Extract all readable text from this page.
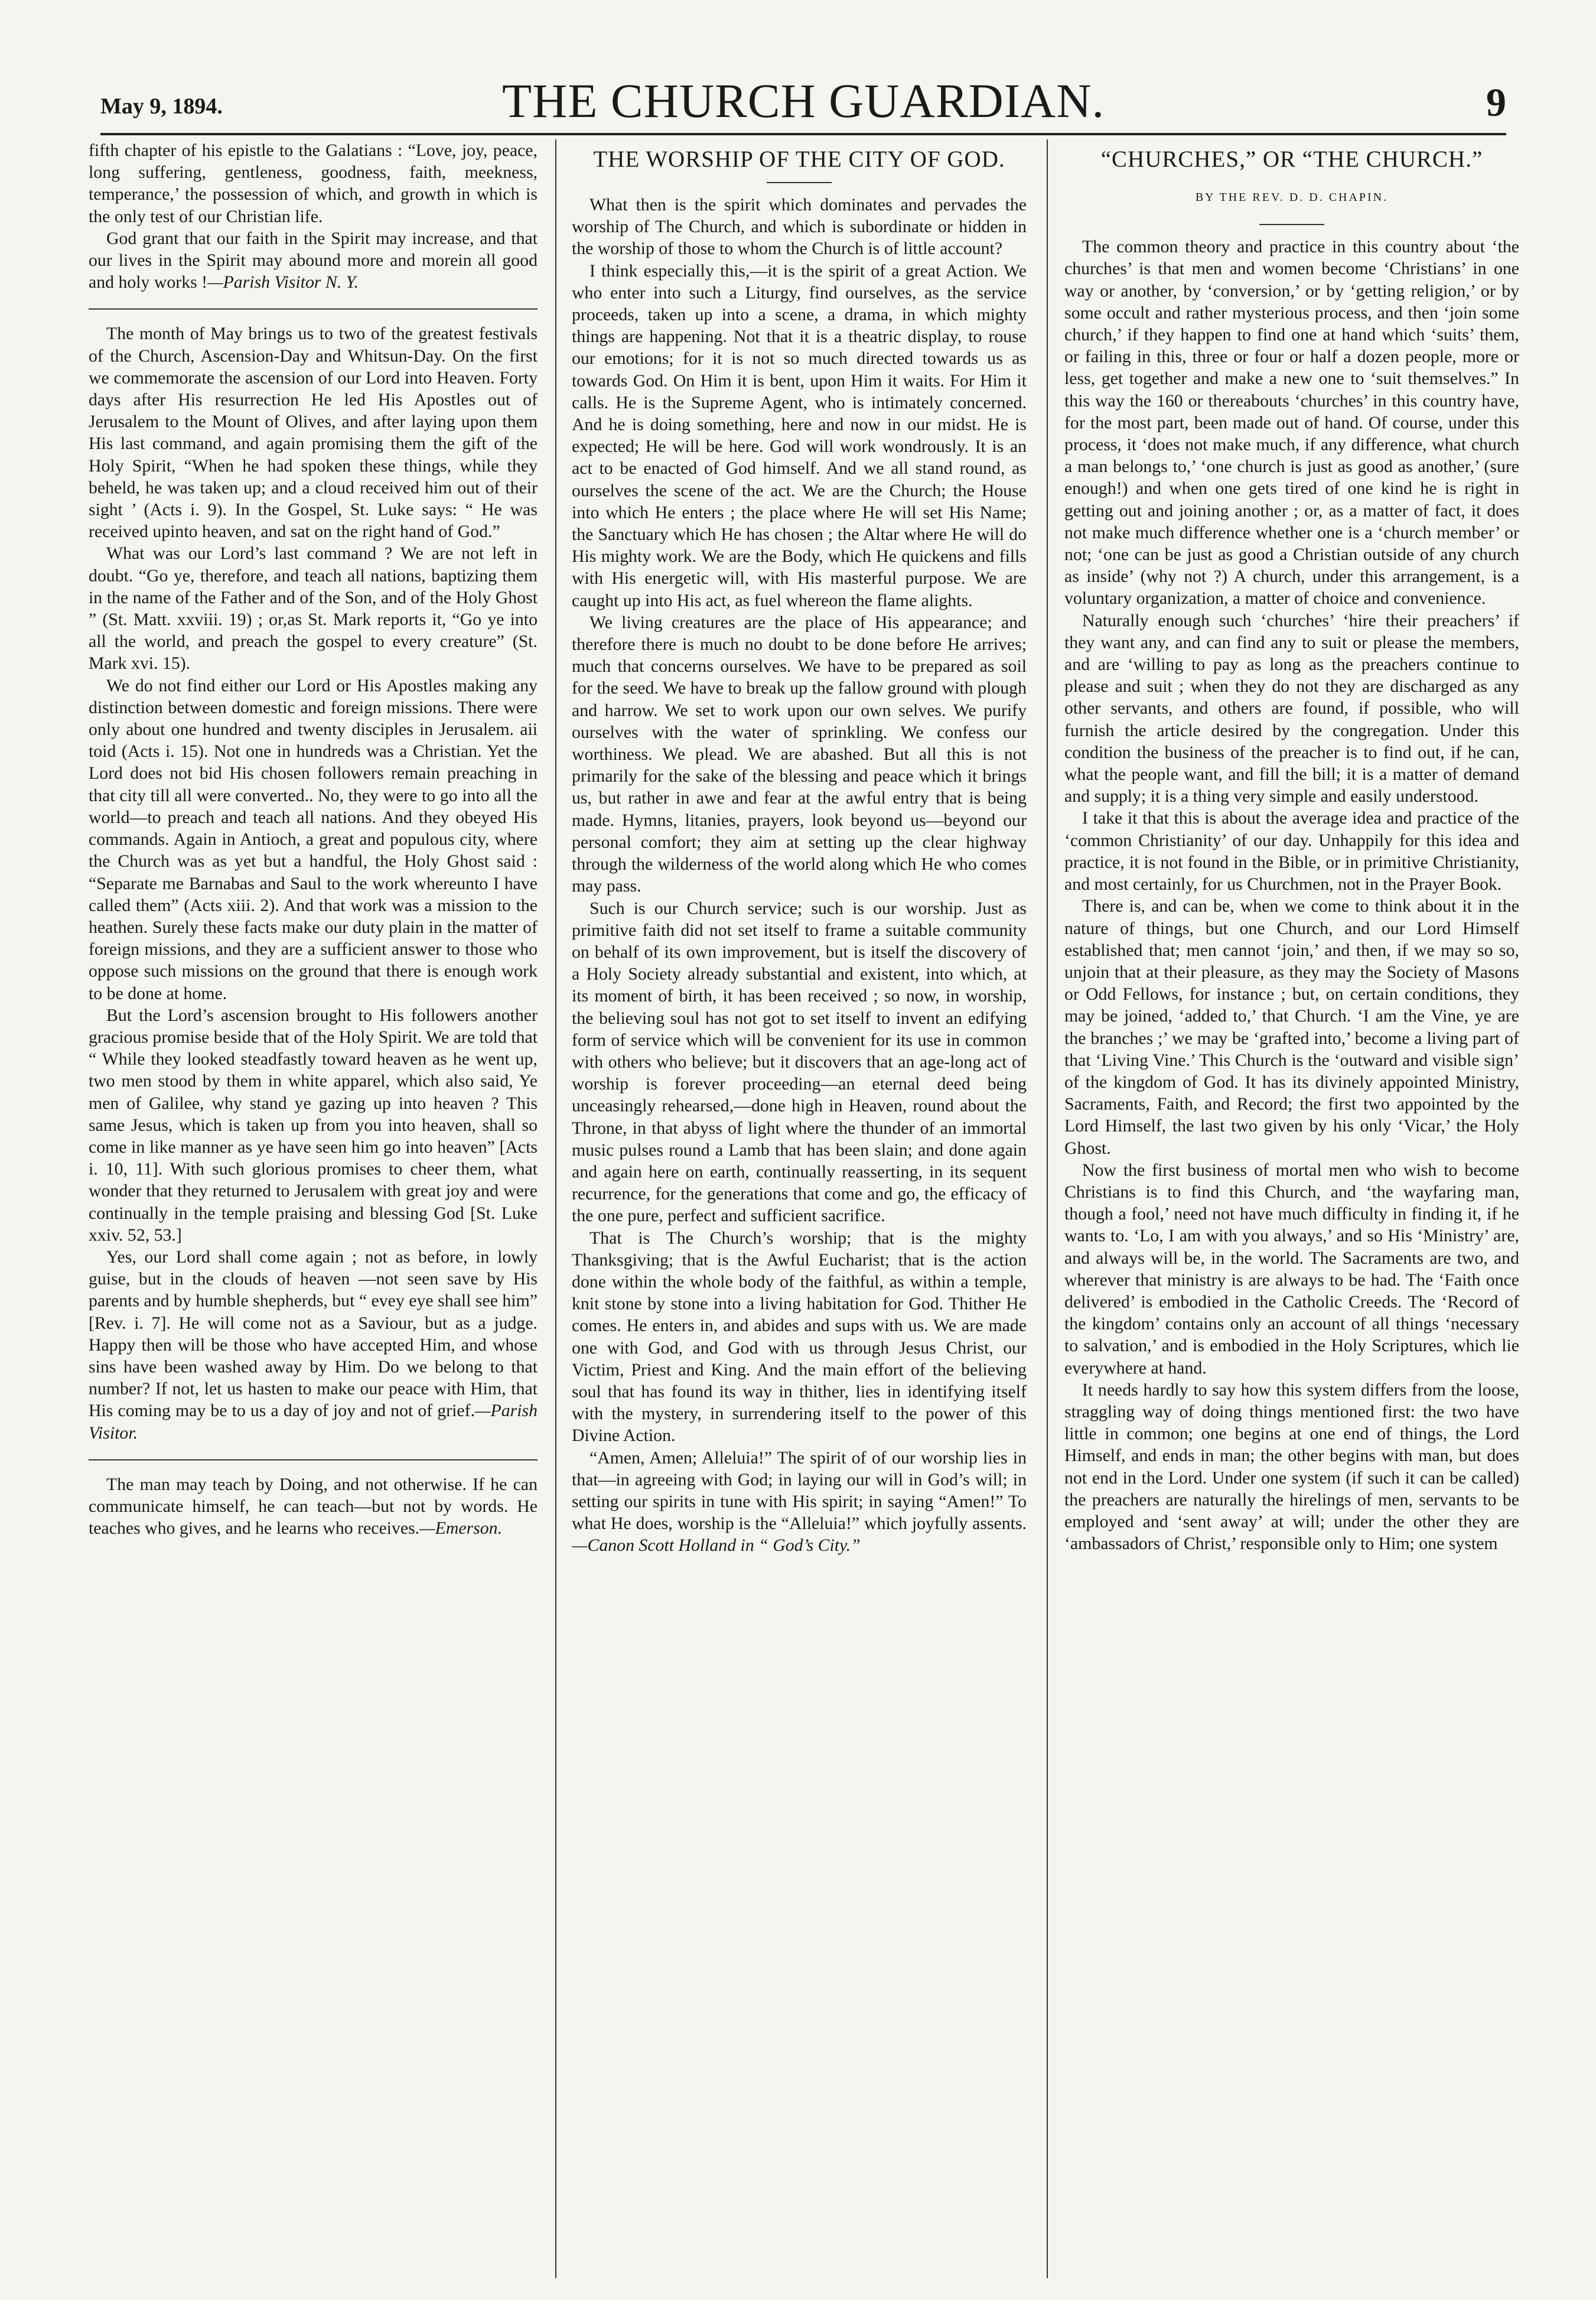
May 9, 1894.	THE CHURCH GUARDIAN.	9

fifth chapter of his epistle to the Galatians : “Love, joy, peace, long suffering, gentleness, goodness, faith, meekness, temperance,’ the possession of which, and growth in which is the only test of our Christian life.

God grant that our faith in the Spirit may increase, and that our lives in the Spirit may abound more and morein all good and holy works !—Parish Visitor N. Y.

The month of May brings us to two of the greatest festivals of the Church, Ascension-Day and Whitsun-Day. On the first we commemorate the ascension of our Lord into Heaven. Forty days after His resurrection He led His Apostles out of Jerusalem to the Mount of Olives, and after laying upon them His last command, and again promising them the gift of the Holy Spirit, “When he had spoken these things, while they beheld, he was taken up; and a cloud received him out of their sight ’ (Acts i. 9). In the Gospel, St. Luke says: “ He was received upinto heaven, and sat on the right hand of God.”

What was our Lord’s last command ? We are not left in doubt. “Go ye, therefore, and teach all nations, baptizing them in the name of the Father and of the Son, and of the Holy Ghost ” (St. Matt. xxviii. 19) ; or,as St. Mark reports it, “Go ye into all the world, and preach the gospel to every creature” (St. Mark xvi. 15).

We do not find either our Lord or His Apostles making any distinction between domestic and foreign missions. There were only about one hundred and twenty disciples in Jerusalem. aii toid (Acts i. 15). Not one in hundreds was a Christian. Yet the Lord does not bid His chosen followers remain preaching in that city till all were converted.. No, they were to go into all the world—to preach and teach all nations. And they obeyed His commands. Again in Antioch, a great and populous city, where the Church was as yet but a handful, the Holy Ghost said : “Separate me Barnabas and Saul to the work whereunto I have called them” (Acts xiii. 2). And that work was a mission to the heathen. Surely these facts make our duty plain in the matter of foreign missions, and they are a sufficient answer to those who oppose such missions on the ground that there is enough work to be done at home.

But the Lord’s ascension brought to His followers another gracious promise beside that of the Holy Spirit. We are told that “ While they looked steadfastly toward heaven as he went up, two men stood by them in white apparel, which also said, Ye men of Galilee, why stand ye gazing up into heaven ? This same Jesus, which is taken up from you into heaven, shall so come in like manner as ye have seen him go into heaven” [Acts i. 10, 11]. With such glorious promises to cheer them, what wonder that they returned to Jerusalem with great joy and were continually in the temple praising and blessing God [St. Luke xxiv. 52, 53.]

Yes, our Lord shall come again ; not as before, in lowly guise, but in the clouds of heaven —not seen save by His parents and by humble shepherds, but “ evey eye shall see him” [Rev. i. 7]. He will come not as a Saviour, but as a judge. Happy then will be those who have accepted Him, and whose sins have been washed away by Him. Do we belong to that number? If not, let us hasten to make our peace with Him, that His coming may be to us a day of joy and not of grief.—Parish Visitor.

The man may teach by Doing, and not otherwise. If he can communicate himself, he can teach—but not by words. He teaches who gives, and he learns who receives.—Emerson.

THE WORSHIP OF THE CITY OF GOD.

What then is the spirit which dominates and pervades the worship of The Church, and which is subordinate or hidden in the worship of those to whom the Church is of little account?

I think especially this,—it is the spirit of a great Action. We who enter into such a Liturgy, find ourselves, as the service proceeds, taken up into a scene, a drama, in which mighty things are happening. Not that it is a theatric display, to rouse our emotions; for it is not so much directed towards us as towards God. On Him it is bent, upon Him it waits. For Him it calls. He is the Supreme Agent, who is intimately concerned. And he is doing something, here and now in our midst. He is expected; He will be here. God will work wondrously. It is an act to be enacted of God himself. And we all stand round, as ourselves the scene of the act. We are the Church; the House into which He enters ; the place where He will set His Name; the Sanctuary which He has chosen ; the Altar where He will do His mighty work. We are the Body, which He quickens and fills with His energetic will, with His masterful purpose. We are caught up into His act, as fuel whereon the flame alights.

We living creatures are the place of His appearance; and therefore there is much no doubt to be done before He arrives; much that concerns ourselves. We have to be prepared as soil for the seed. We have to break up the fallow ground with plough and harrow. We set to work upon our own selves. We purify ourselves with the water of sprinkling. We confess our worthiness. We plead. We are abashed. But all this is not primarily for the sake of the blessing and peace which it brings us, but rather in awe and fear at the awful entry that is being made. Hymns, litanies, prayers, look beyond us—beyond our personal comfort; they aim at setting up the clear highway through the wilderness of the world along which He who comes may pass.

Such is our Church service; such is our worship. Just as primitive faith did not set itself to frame a suitable community on behalf of its own improvement, but is itself the discovery of a Holy Society already substantial and existent, into which, at its moment of birth, it has been received ; so now, in worship, the believing soul has not got to set itself to invent an edifying form of service which will be convenient for its use in common with others who believe; but it discovers that an age-long act of worship is forever proceeding—an eternal deed being unceasingly rehearsed,—done high in Heaven, round about the Throne, in that abyss of light where the thunder of an immortal music pulses round a Lamb that has been slain; and done again and again here on earth, continually reasserting, in its sequent recurrence, for the generations that come and go, the efficacy of the one pure, perfect and sufficient sacrifice.

That is The Church’s worship; that is the mighty Thanksgiving; that is the Awful Eucharist; that is the action done within the whole body of the faithful, as within a temple, knit stone by stone into a living habitation for God. Thither He comes. He enters in, and abides and sups with us. We are made one with God, and God with us through Jesus Christ, our Victim, Priest and King. And the main effort of the believing soul that has found its way in thither, lies in identifying itself with the mystery, in surrendering itself to the power of this Divine Action.

“Amen, Amen; Alleluia!” The spirit of of our worship lies in that—in agreeing with God; in laying our will in God’s will; in setting our spirits in tune with His spirit; in saying “Amen!” To what He does, worship is the “Alleluia!” which joyfully assents.—Canon Scott Holland in “ God’s City.”

“CHURCHES,” OR “THE CHURCH.”
BY THE REV. D. D. CHAPIN.

The common theory and practice in this country about ‘the churches’ is that men and women become ‘Christians’ in one way or another, by ‘conversion,’ or by ‘getting religion,’ or by some occult and rather mysterious process, and then ‘join some church,’ if they happen to find one at hand which ‘suits’ them, or failing in this, three or four or half a dozen people, more or less, get together and make a new one to ‘suit themselves.” In this way the 160 or thereabouts ‘churches’ in this country have, for the most part, been made out of hand. Of course, under this process, it ‘does not make much, if any difference, what church a man belongs to,’ ‘one church is just as good as another,’ (sure enough!) and when one gets tired of one kind he is right in getting out and joining another ; or, as a matter of fact, it does not make much difference whether one is a ‘church member’ or not; ‘one can be just as good a Christian outside of any church as inside’ (why not ?) A church, under this arrangement, is a voluntary organization, a matter of choice and convenience.

Naturally enough such ‘churches’ ‘hire their preachers’ if they want any, and can find any to suit or please the members, and are ‘willing to pay as long as the preachers continue to please and suit ; when they do not they are discharged as any other servants, and others are found, if possible, who will furnish the article desired by the congregation. Under this condition the business of the preacher is to find out, if he can, what the people want, and fill the bill; it is a matter of demand and supply; it is a thing very simple and easily understood.

I take it that this is about the average idea and practice of the ‘common Christianity’ of our day. Unhappily for this idea and practice, it is not found in the Bible, or in primitive Christianity, and most certainly, for us Churchmen, not in the Prayer Book.

There is, and can be, when we come to think about it in the nature of things, but one Church, and our Lord Himself established that; men cannot ‘join,’ and then, if we may so so, unjoin that at their pleasure, as they may the Society of Masons or Odd Fellows, for instance ; but, on certain conditions, they may be joined, ‘added to,’ that Church. ‘I am the Vine, ye are the branches ;’ we may be ‘grafted into,’ become a living part of that ‘Living Vine.’ This Church is the ‘outward and visible sign’ of the kingdom of God. It has its divinely appointed Ministry, Sacraments, Faith, and Record; the first two appointed by the Lord Himself, the last two given by his only ‘Vicar,’ the Holy Ghost.

Now the first business of mortal men who wish to become Christians is to find this Church, and ‘the wayfaring man, though a fool,’ need not have much difficulty in finding it, if he wants to. ‘Lo, I am with you always,’ and so His ‘Ministry’ are, and always will be, in the world. The Sacraments are two, and wherever that ministry is are always to be had. The ‘Faith once delivered’ is embodied in the Catholic Creeds. The ‘Record of the kingdom’ contains only an account of all things ‘necessary to salvation,’ and is embodied in the Holy Scriptures, which lie everywhere at hand.

It needs hardly to say how this system differs from the loose, straggling way of doing things mentioned first: the two have little in common; one begins at one end of things, the Lord Himself, and ends in man; the other begins with man, but does not end in the Lord. Under one system (if such it can be called) the preachers are naturally the hirelings of men, servants to be employed and ‘sent away’ at will; under the other they are ‘ambassadors of Christ,’ responsible only to Him; one system
